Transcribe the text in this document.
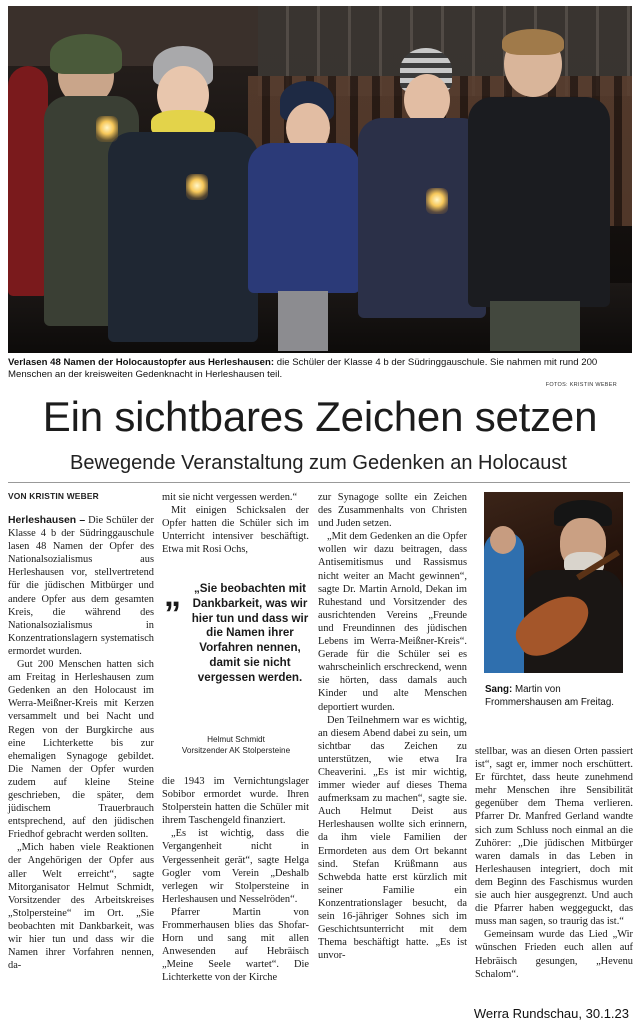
Verlasen 48 Namen der Holocaustopfer aus Herleshausen: die Schüler der Klasse 4 b der Südringgauschule. Sie nahmen mit rund 200 Menschen an der kreisweiten Gedenknacht in Herleshausen teil.
FOTOS: KRISTIN WEBER
Ein sichtbares Zeichen setzen
Bewegende Veranstaltung zum Gedenken an Holocaust
VON KRISTIN WEBER

Herleshausen – Die Schüler der Klasse 4 b der Südringgauschule lasen 48 Namen der Opfer des Nationalsozialismus aus Herleshausen vor, stellvertretend für die jüdischen Mitbürger und andere Opfer aus dem gesamten Kreis, die während des Nationalsozialismus in Konzentrationslagern systematisch ermordet wurden.

Gut 200 Menschen hatten sich am Freitag in Herleshausen zum Gedenken an den Holocaust im Werra-Meißner-Kreis mit Kerzen versammelt und bei Nacht und Regen von der Burgkirche aus eine Lichterkette bis zur ehemaligen Synagoge gebildet. Die Namen der Opfer wurden zudem auf kleine Steine geschrieben, die später, dem jüdischem Trauerbrauch entsprechend, auf den jüdischen Friedhof gebracht werden sollten.

„Mich haben viele Reaktionen der Angehörigen der Opfer aus aller Welt erreicht“, sagte Mitorganisator Helmut Schmidt, Vorsitzender des Arbeitskreises „Stolpersteine“ im Ort. „Sie beobachten mit Dankbarkeit, was wir hier tun und dass wir die Namen ihrer Vorfahren nennen, da-

mit sie nicht vergessen werden.“

Mit einigen Schicksalen der Opfer hatten die Schüler sich im Unterricht intensiver beschäftigt. Etwa mit Rosi Ochs,

„	„Sie beobachten mit Dankbarkeit, was wir hier tun und dass wir die Namen ihrer Vorfahren nennen, damit sie nicht vergessen werden.
Helmut Schmidt
Vorsitzender AK Stolpersteine

die 1943 im Vernichtungslager Sobibor ermordet wurde. Ihren Stolperstein hatten die Schüler mit ihrem Taschengeld finanziert.

„Es ist wichtig, dass die Vergangenheit nicht in Vergessenheit gerät“, sagte Helga Gogler vom Verein „Deshalb verlegen wir Stolpersteine in Herleshausen und Nesselröden“.

Pfarrer Martin von Frommerhausen blies das Shofar-Horn und sang mit allen Anwesenden auf Hebräisch „Meine Seele wartet“. Die Lichterkette von der Kirche

zur Synagoge sollte ein Zeichen des Zusammenhalts von Christen und Juden setzen.

„Mit dem Gedenken an die Opfer wollen wir dazu beitragen, dass Antisemitismus und Rassismus nicht weiter an Macht gewinnen“, sagte Dr. Martin Arnold, Dekan im Ruhestand und Vorsitzender des ausrichtenden Vereins „Freunde und Freundinnen des jüdischen Lebens im Werra-Meißner-Kreis“. Gerade für die Schüler sei es wahrscheinlich erschreckend, wenn sie hörten, dass damals auch Kinder und alte Menschen deportiert wurden.

Den Teilnehmern war es wichtig, an diesem Abend dabei zu sein, um sichtbar das Zeichen zu unterstützen, wie etwa Ira Cheaverini. „Es ist mir wichtig, immer wieder auf dieses Thema aufmerksam zu machen“, sagte sie. Auch Helmut Deist aus Herleshausen wollte sich erinnern, da ihm viele Familien der Ermordeten aus dem Ort bekannt sind. Stefan Krüßmann aus Schwebda hatte erst kürzlich mit seiner Familie ein Konzentrationslager besucht, da sein 16-jähriger Sohnes sich im Geschichtsunterricht mit dem Thema beschäftigt hatte. „Es ist unvor-

Sang: Martin von Frommershausen am Freitag.

stellbar, was an diesen Orten passiert ist“, sagt er, immer noch erschüttert. Er fürchtet, dass heute zunehmend mehr Menschen ihre Sensibilität gegenüber dem Thema verlieren. Pfarrer Dr. Manfred Gerland wandte sich zum Schluss noch einmal an die Zuhörer: „Die jüdischen Mitbürger waren damals in das Leben in Herleshausen integriert, doch mit dem Beginn des Faschismus wurden sie auch hier ausgegrenzt. Und auch die Pfarrer haben weggeguckt, das muss man sagen, so traurig das ist.“

Gemeinsam wurde das Lied „Wir wünschen Frieden euch allen auf Hebräisch gesungen, „Hevenu Schalom“.

Werra Rundschau, 30.1.23
